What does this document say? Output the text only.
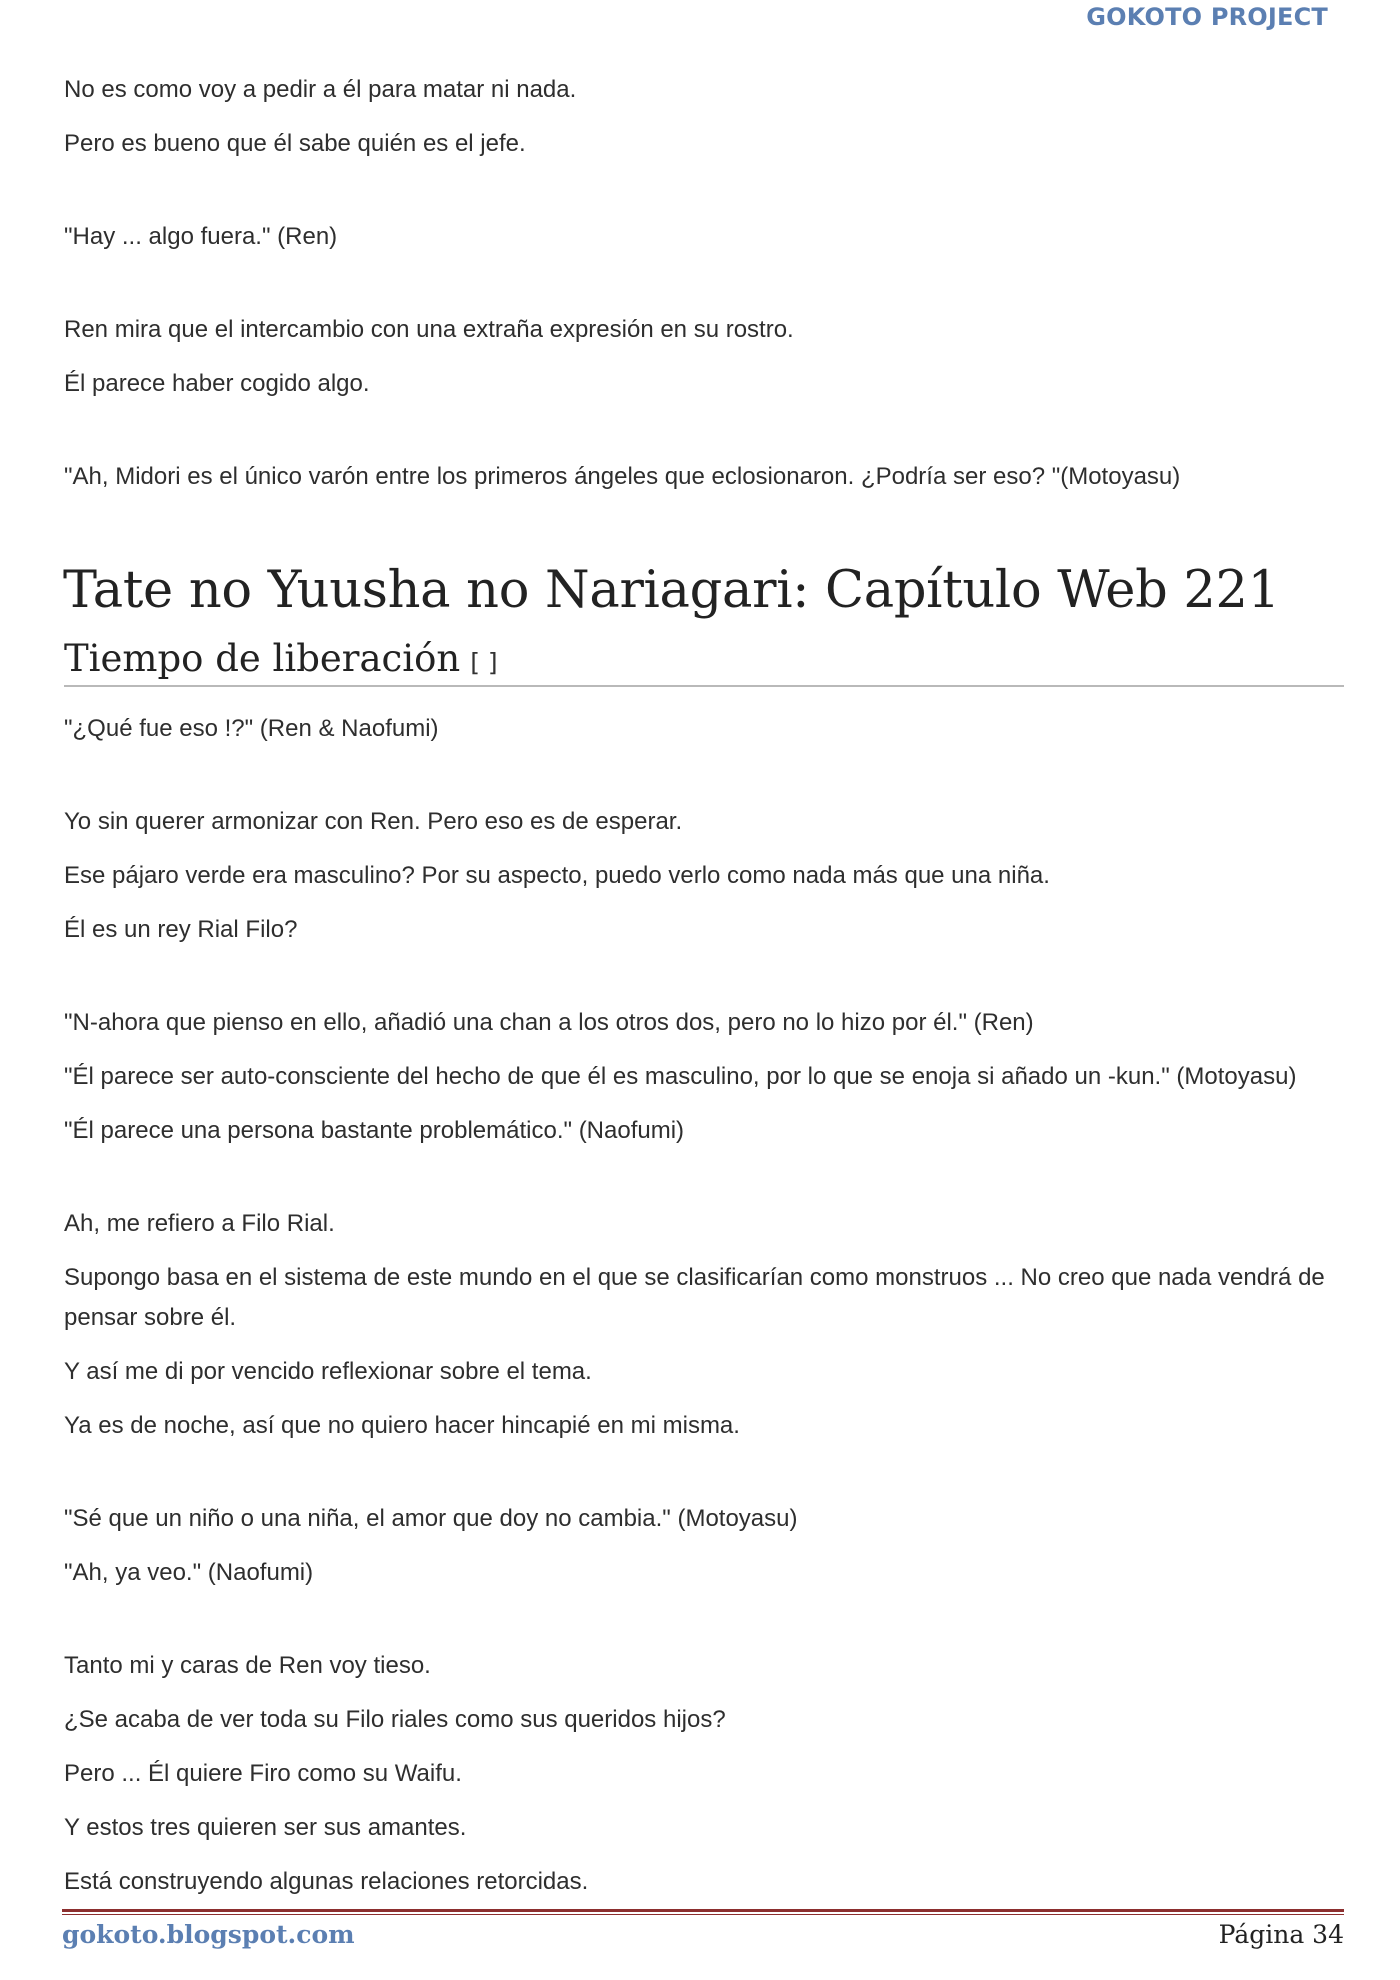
GOKOTO PROJECT

No es como voy a pedir a él para matar ni nada.

Pero es bueno que él sabe quién es el jefe.

"Hay ... algo fuera." (Ren)

Ren mira que el intercambio con una extraña expresión en su rostro.

Él parece haber cogido algo.

"Ah, Midori es el único varón entre los primeros ángeles que eclosionaron. ¿Podría ser eso? "(Motoyasu)

Tate no Yuusha no Nariagari: Capítulo Web 221
Tiempo de liberación [ ]

"¿Qué fue eso !?" (Ren & Naofumi)

Yo sin querer armonizar con Ren. Pero eso es de esperar.

Ese pájaro verde era masculino? Por su aspecto, puedo verlo como nada más que una niña.

Él es un rey Rial Filo?

"N-ahora que pienso en ello, añadió una chan a los otros dos, pero no lo hizo por él." (Ren)

"Él parece ser auto-consciente del hecho de que él es masculino, por lo que se enoja si añado un -kun." (Motoyasu)

"Él parece una persona bastante problemático." (Naofumi)

Ah, me refiero a Filo Rial.

Supongo basa en el sistema de este mundo en el que se clasificarían como monstruos ... No creo que nada vendrá de pensar sobre él.

Y así me di por vencido reflexionar sobre el tema.

Ya es de noche, así que no quiero hacer hincapié en mi misma.

"Sé que un niño o una niña, el amor que doy no cambia." (Motoyasu)

"Ah, ya veo." (Naofumi)

Tanto mi y caras de Ren voy tieso.

¿Se acaba de ver toda su Filo riales como sus queridos hijos?

Pero ... Él quiere Firo como su Waifu.

Y estos tres quieren ser sus amantes.

Está construyendo algunas relaciones retorcidas.

gokoto.blogspot.com	Página 34
